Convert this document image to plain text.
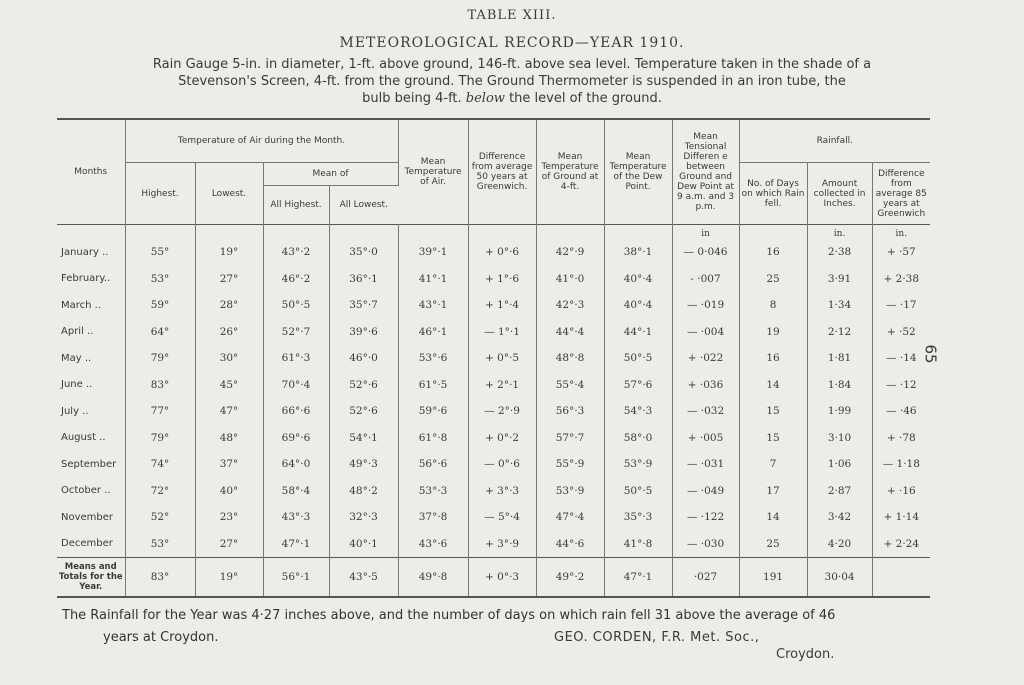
TABLE XIII.
METEOROLOGICAL RECORD—YEAR 1910.
Rain Gauge 5-in. in diameter, 1-ft. above ground, 146-ft. above sea level. Temperature taken in the shade of a
Stevenson's Screen, 4-ft. from the ground. The Ground Thermometer is suspended in an iron tube, the
bulb being 4-ft. below the level of the ground.
65
Months	Temperature of Air during the Month.				Mean Temperature of Air.	Difference from average 50 years at Greenwich.	Mean Temperature of Ground at 4-ft.	Mean Temperature of the Dew Point.	Mean Tensional Differen e between Ground and Dew Point at 9 a.m. and 3 p.m.	Rainfall.		
	Highest.	Lowest.	Mean of							No. of Days on which Rain fell.	Amount collected in Inches.	Difference from average 85 years at Greenwich
			All Highest.	All Lowest.								
									in		in.	in.
January ..	55°	19°	43°·2	35°·0	39°·1	+ 0°·6	42°·9	38°·1	— 0·046	16	2·38	+ ·57
February..	53°	27°	46°·2	36°·1	41°·1	+ 1°·6	41°·0	40°·4	- ·007	25	3·91	+ 2·38
March ..	59°	28°	50°·5	35°·7	43°·1	+ 1°·4	42°·3	40°·4	— ·019	8	1·34	— ·17
April ..	64°	26°	52°·7	39°·6	46°·1	— 1°·1	44°·4	44°·1	— ·004	19	2·12	+ ·52
May ..	79°	30°	61°·3	46°·0	53°·6	+ 0°·5	48°·8	50°·5	+ ·022	16	1·81	— ·14
June ..	83°	45°	70°·4	52°·6	61°·5	+ 2°·1	55°·4	57°·6	+ ·036	14	1·84	— ·12
July ..	77°	47°	66°·6	52°·6	59°·6	— 2°·9	56°·3	54°·3	— ·032	15	1·99	— ·46
August ..	79°	48°	69°·6	54°·1	61°·8	+ 0°·2	57°·7	58°·0	+ ·005	15	3·10	+ ·78
September	74°	37°	64°·0	49°·3	56°·6	— 0°·6	55°·9	53°·9	— ·031	7	1·06	— 1·18
October ..	72°	40°	58°·4	48°·2	53°·3	+ 3°·3	53°·9	50°·5	— ·049	17	2·87	+ ·16
November	52°	23°	43°·3	32°·3	37°·8	— 5°·4	47°·4	35°·3	— ·122	14	3·42	+ 1·14
December	53°	27°	47°·1	40°·1	43°·6	+ 3°·9	44°·6	41°·8	— ·030	25	4·20	+ 2·24
Means and Totals for the Year.	83°	19°	56°·1	43°·5	49°·8	+ 0°·3	49°·2	47°·1	·027	191	30·04	
The Rainfall for the Year was 4·27 inches above, and the number of days on which rain fell 31 above the average of 46
years at Croydon.	GEO. CORDEN, F.R. Met. Soc.,
Croydon.
